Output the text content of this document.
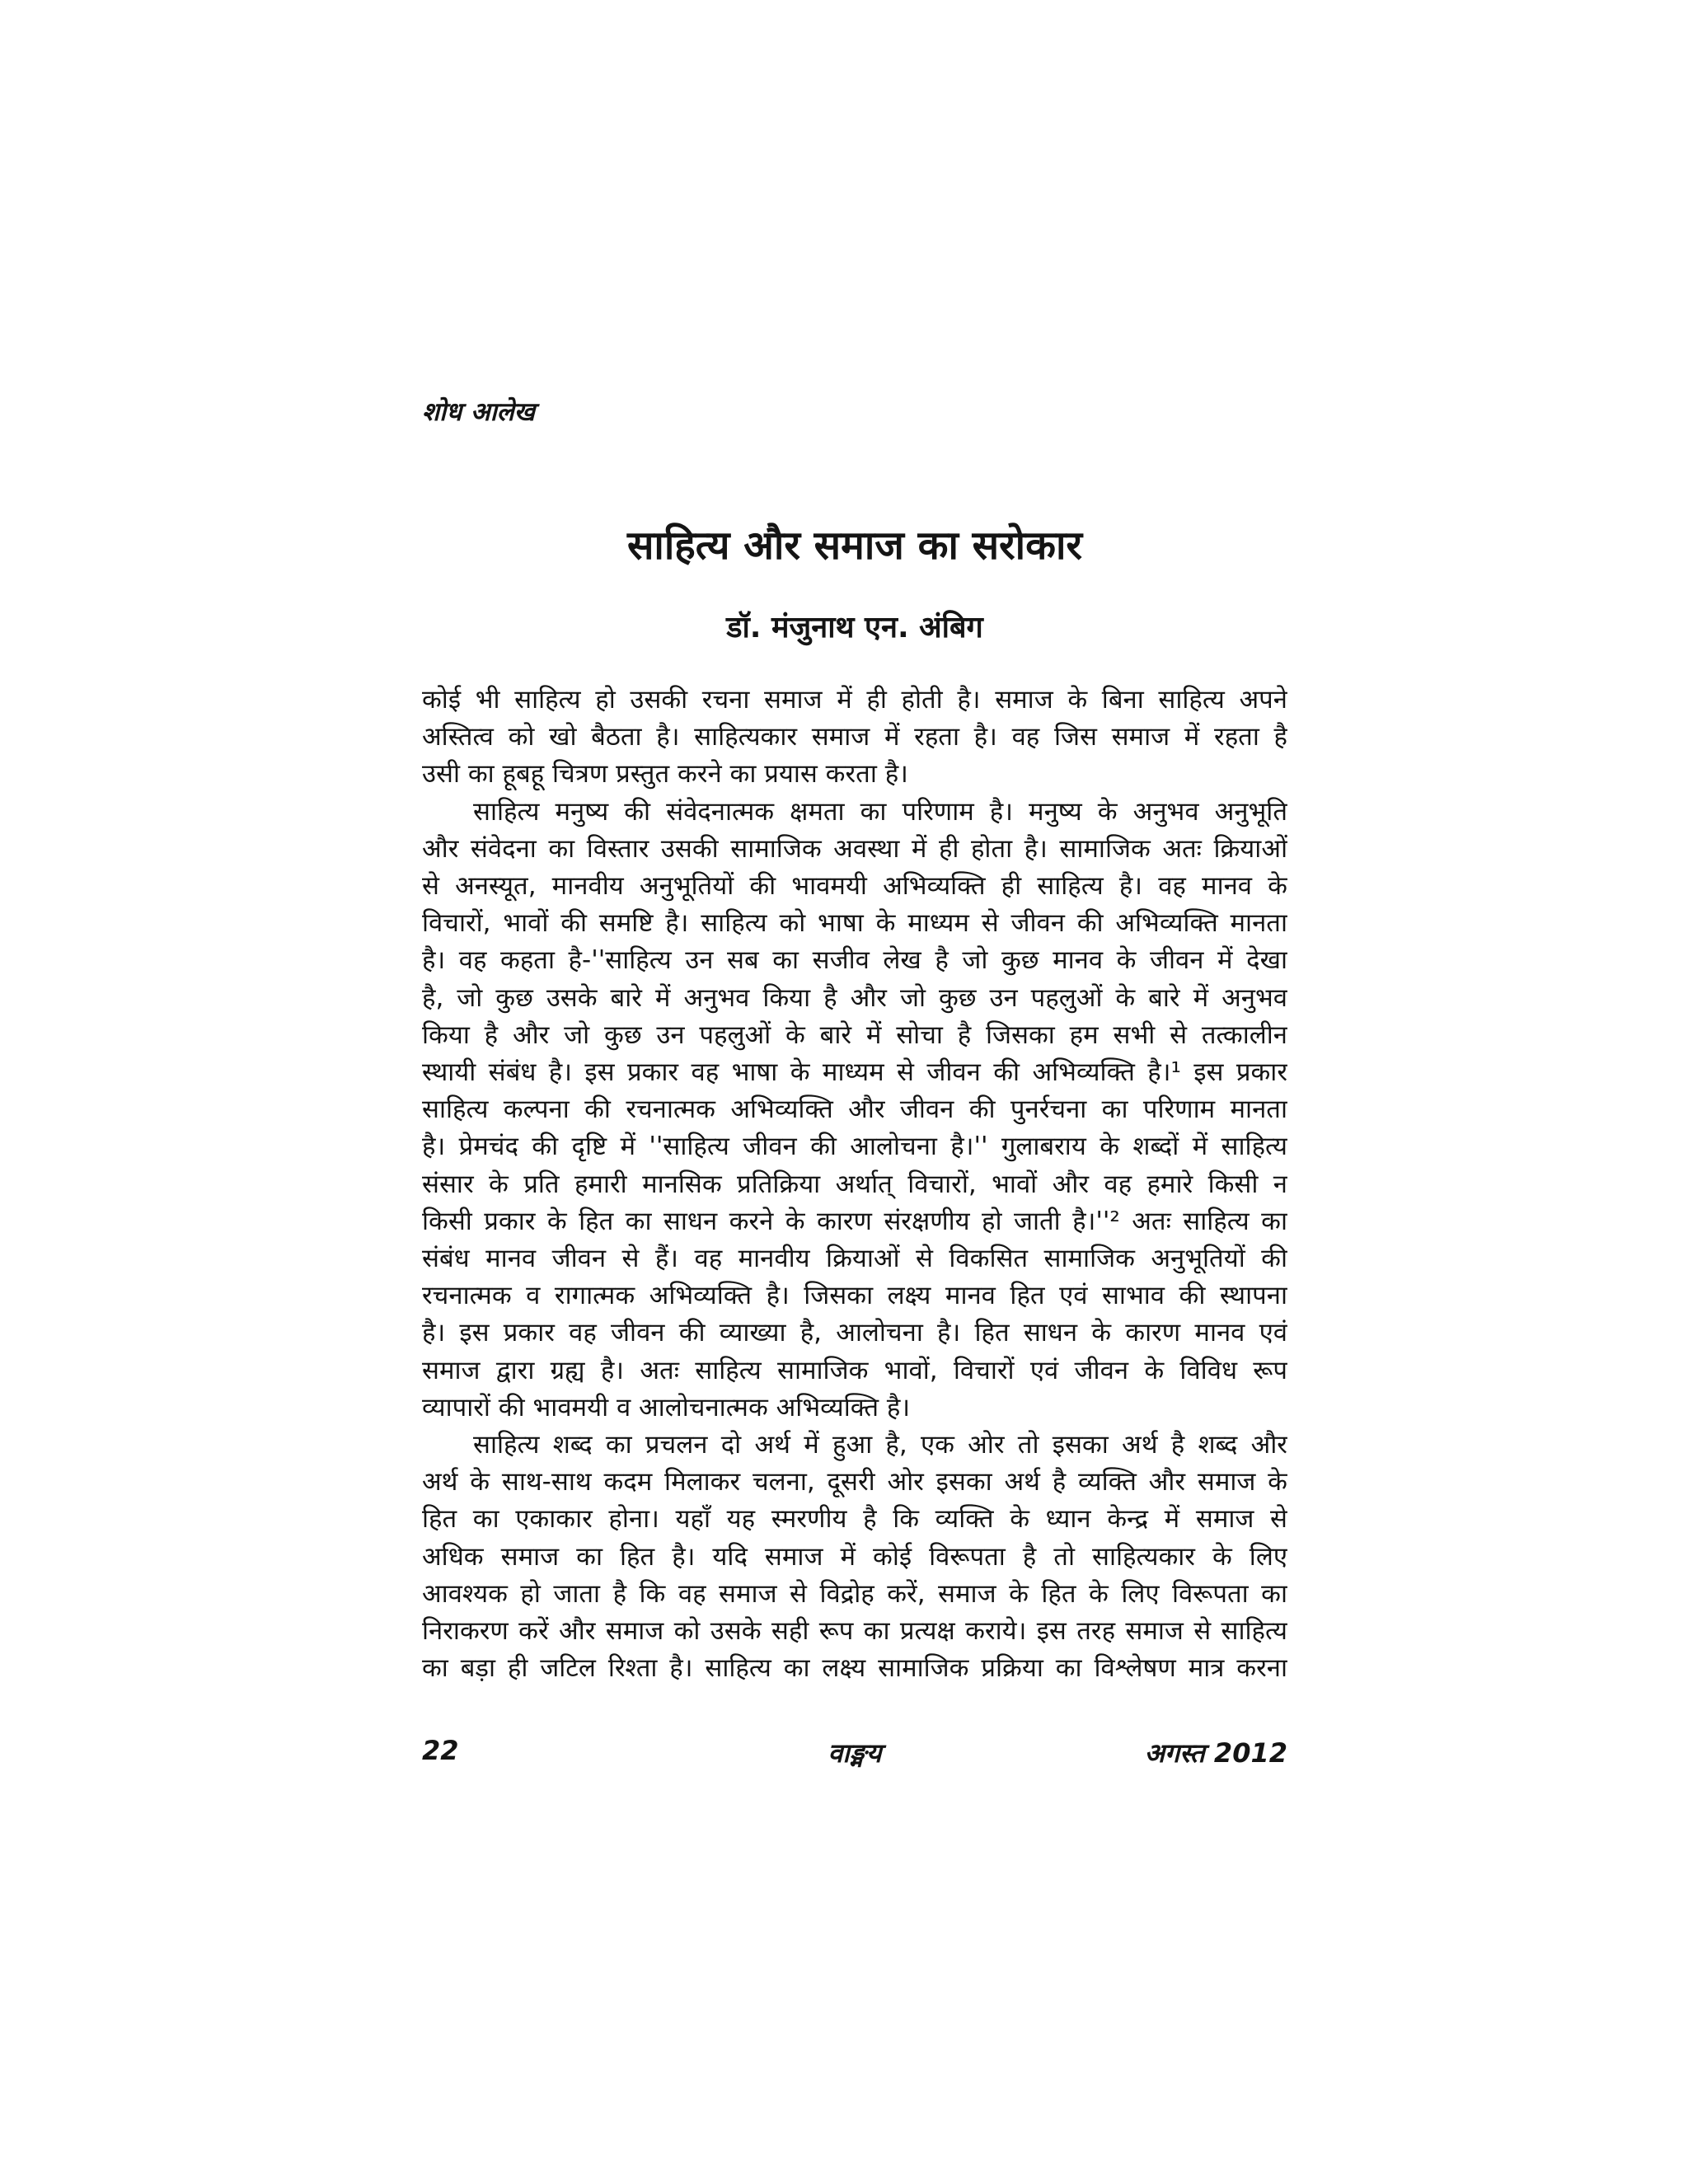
शोध आलेख
साहित्य और समाज का सरोकार
डॉ. मंजुनाथ एन. अंबिग

कोई भी साहित्य हो उसकी रचना समाज में ही होती है। समाज के बिना साहित्य अपने
अस्तित्व को खो बैठता है। साहित्यकार समाज में रहता है। वह जिस समाज में रहता है
उसी का हूबहू चित्रण प्रस्तुत करने का प्रयास करता है।

साहित्य मनुष्य की संवेदनात्मक क्षमता का परिणाम है। मनुष्य के अनुभव अनुभूति
और संवेदना का विस्तार उसकी सामाजिक अवस्था में ही होता है। सामाजिक अतः क्रियाओं
से अनस्यूत, मानवीय अनुभूतियों की भावमयी अभिव्यक्ति ही साहित्य है। वह मानव के
विचारों, भावों की समष्टि है। साहित्य को भाषा के माध्यम से जीवन की अभिव्यक्ति मानता
है। वह कहता है-''साहित्य उन सब का सजीव लेख है जो कुछ मानव के जीवन में देखा
है, जो कुछ उसके बारे में अनुभव किया है और जो कुछ उन पहलुओं के बारे में अनुभव
किया है और जो कुछ उन पहलुओं के बारे में सोचा है जिसका हम सभी से तत्कालीन
स्थायी संबंध है। इस प्रकार वह भाषा के माध्यम से जीवन की अभिव्यक्ति है।¹ इस प्रकार
साहित्य कल्पना की रचनात्मक अभिव्यक्ति और जीवन की पुनर्रचना का परिणाम मानता
है। प्रेमचंद की दृष्टि में ''साहित्य जीवन की आलोचना है।'' गुलाबराय के शब्दों में साहित्य
संसार के प्रति हमारी मानसिक प्रतिक्रिया अर्थात् विचारों, भावों और वह हमारे किसी न
किसी प्रकार के हित का साधन करने के कारण संरक्षणीय हो जाती है।''² अतः साहित्य का
संबंध मानव जीवन से हैं। वह मानवीय क्रियाओं से विकसित सामाजिक अनुभूतियों की
रचनात्मक व रागात्मक अभिव्यक्ति है। जिसका लक्ष्य मानव हित एवं साभाव की स्थापना
है। इस प्रकार वह जीवन की व्याख्या है, आलोचना है। हित साधन के कारण मानव एवं
समाज द्वारा ग्रह्य है। अतः साहित्य सामाजिक भावों, विचारों एवं जीवन के विविध रूप
व्यापारों की भावमयी व आलोचनात्मक अभिव्यक्ति है।

साहित्य शब्द का प्रचलन दो अर्थ में हुआ है, एक ओर तो इसका अर्थ है शब्द और
अर्थ के साथ-साथ कदम मिलाकर चलना, दूसरी ओर इसका अर्थ है व्यक्ति और समाज के
हित का एकाकार होना। यहाँ यह स्मरणीय है कि व्यक्ति के ध्यान केन्द्र में समाज से
अधिक समाज का हित है। यदि समाज में कोई विरूपता है तो साहित्यकार के लिए
आवश्यक हो जाता है कि वह समाज से विद्रोह करें, समाज के हित के लिए विरूपता का
निराकरण करें और समाज को उसके सही रूप का प्रत्यक्ष कराये। इस तरह समाज से साहित्य
का बड़ा ही जटिल रिश्ता है। साहित्य का लक्ष्य सामाजिक प्रक्रिया का विश्लेषण मात्र करना

22	वाङ्मय	अगस्त 2012
